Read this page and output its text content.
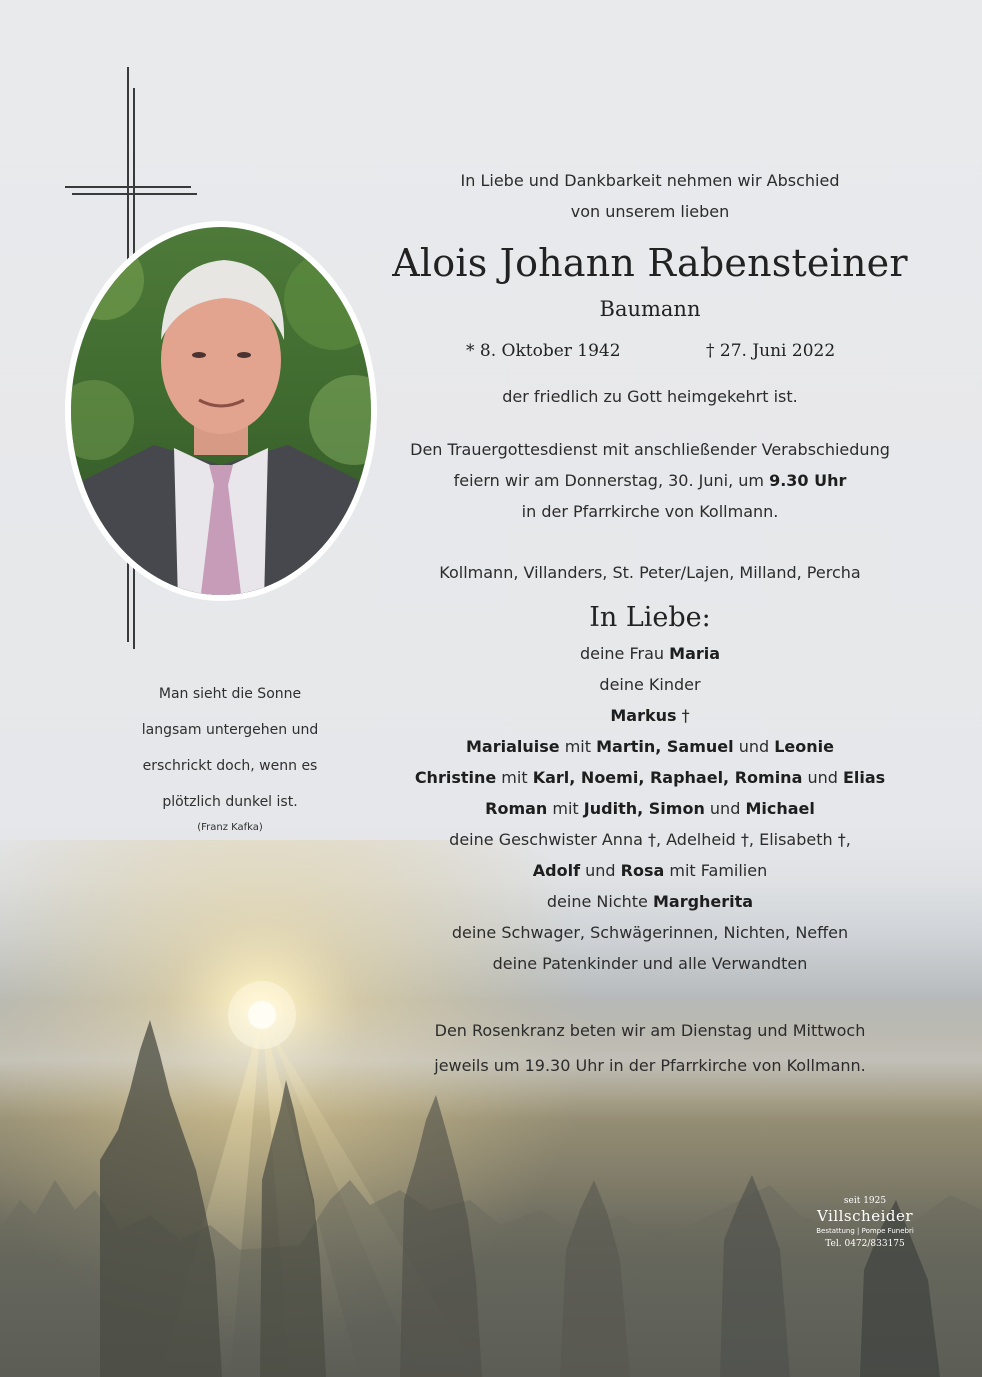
Man sieht die Sonne
langsam untergehen und
erschrickt doch, wenn es
plötzlich dunkel ist.
(Franz Kafka)
In Liebe und Dankbarkeit nehmen wir Abschied
von unserem lieben
Alois Johann Rabensteiner
Baumann
* 8. Oktober 1942	† 27. Juni 2022
der friedlich zu Gott heimgekehrt ist.
Den Trauergottesdienst mit anschließender Verabschiedung
feiern wir am Donnerstag, 30. Juni, um 9.30 Uhr
in der Pfarrkirche von Kollmann.
Kollmann, Villanders, St. Peter/Lajen, Milland, Percha
In Liebe:
deine Frau Maria
deine Kinder
Markus †
Marialuise mit Martin, Samuel und Leonie
Christine mit Karl, Noemi, Raphael, Romina und Elias
Roman mit Judith, Simon und Michael
deine Geschwister Anna †, Adelheid †, Elisabeth †,
Adolf und Rosa mit Familien
deine Nichte Margherita
deine Schwager, Schwägerinnen, Nichten, Neffen
deine Patenkinder und alle Verwandten
Den Rosenkranz beten wir am Dienstag und Mittwoch
jeweils um 19.30 Uhr in der Pfarrkirche von Kollmann.
seit 1925
Villscheider
Bestattung | Pompe Funebri
Tel. 0472/833175
